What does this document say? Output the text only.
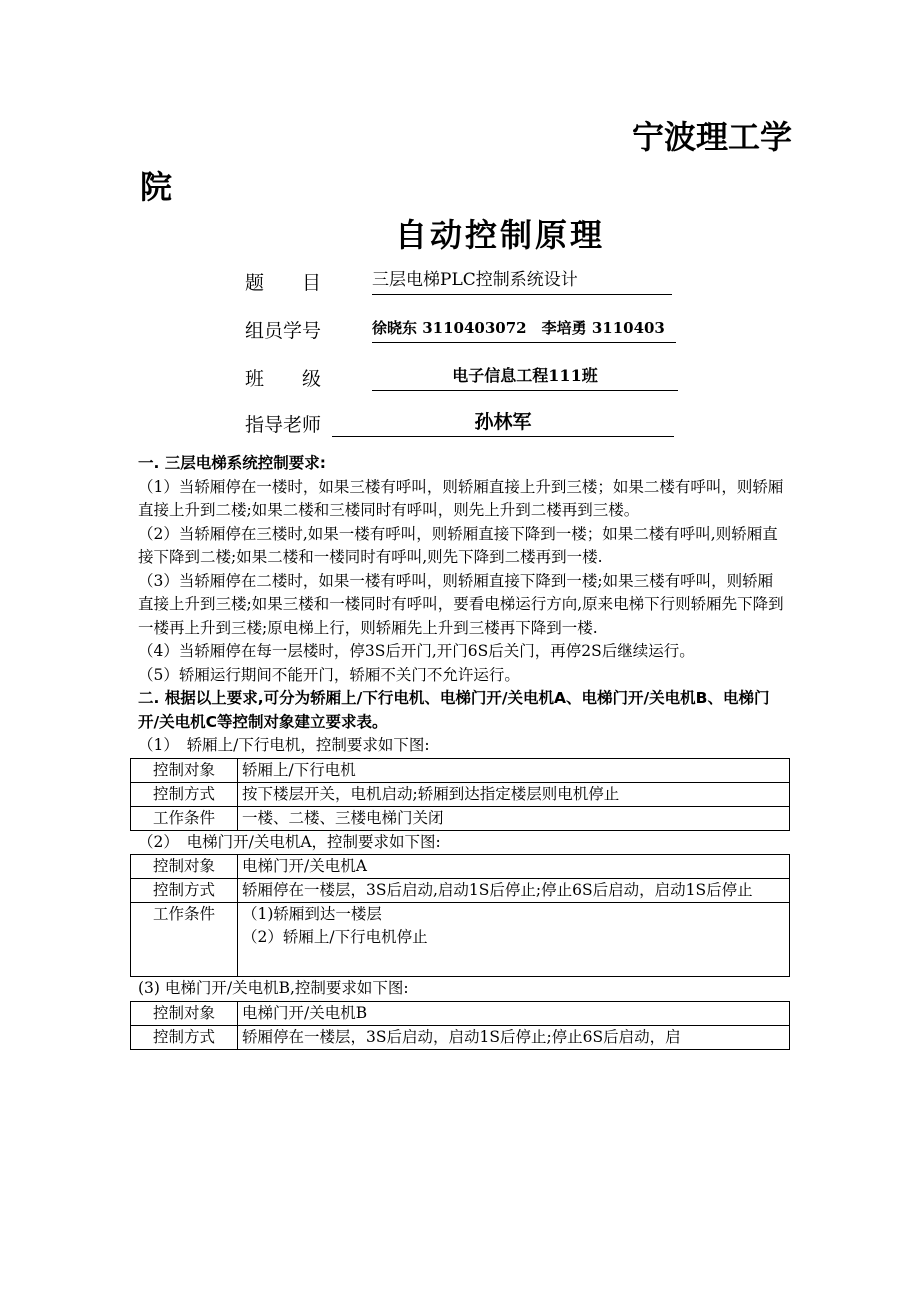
宁波理工学
院
自动控制原理
题　　目	三层电梯PLC控制系统设计
组员学号	徐晓东 3110403072　李培勇 3110403
班　　级	电子信息工程111班
指导老师	孙林军

一. 三层电梯系统控制要求:

（1）当轿厢停在一楼时，如果三楼有呼叫，则轿厢直接上升到三楼；如果二楼有呼叫，则轿厢直接上升到二楼;如果二楼和三楼同时有呼叫，则先上升到二楼再到三楼。

（2）当轿厢停在三楼时,如果一楼有呼叫，则轿厢直接下降到一楼；如果二楼有呼叫,则轿厢直接下降到二楼;如果二楼和一楼同时有呼叫,则先下降到二楼再到一楼.

（3）当轿厢停在二楼时，如果一楼有呼叫，则轿厢直接下降到一楼;如果三楼有呼叫，则轿厢直接上升到三楼;如果三楼和一楼同时有呼叫，要看电梯运行方向,原来电梯下行则轿厢先下降到一楼再上升到三楼;原电梯上行，则轿厢先上升到三楼再下降到一楼.

（4）当轿厢停在每一层楼时，停3S后开门,开门6S后关门，再停2S后继续运行。

（5）轿厢运行期间不能开门，轿厢不关门不允许运行。

二. 根据以上要求,可分为轿厢上/下行电机、电梯门开/关电机A、电梯门开/关电机B、电梯门开/关电机C等控制对象建立要求表。

（1）　轿厢上/下行电机，控制要求如下图:

控制对象	轿厢上/下行电机
控制方式	按下楼层开关，电机启动;轿厢到达指定楼层则电机停止
工作条件	一楼、二楼、三楼电梯门关闭

（2）　电梯门开/关电机A，控制要求如下图:

控制对象	电梯门开/关电机A
控制方式	轿厢停在一楼层，3S后启动,启动1S后停止;停止6S后启动，启动1S后停止
工作条件	（1)轿厢到达一楼层
（2）轿厢上/下行电机停止

(3) 电梯门开/关电机B,控制要求如下图:

控制对象	电梯门开/关电机B
控制方式	轿厢停在一楼层，3S后启动，启动1S后停止;停止6S后启动，启
